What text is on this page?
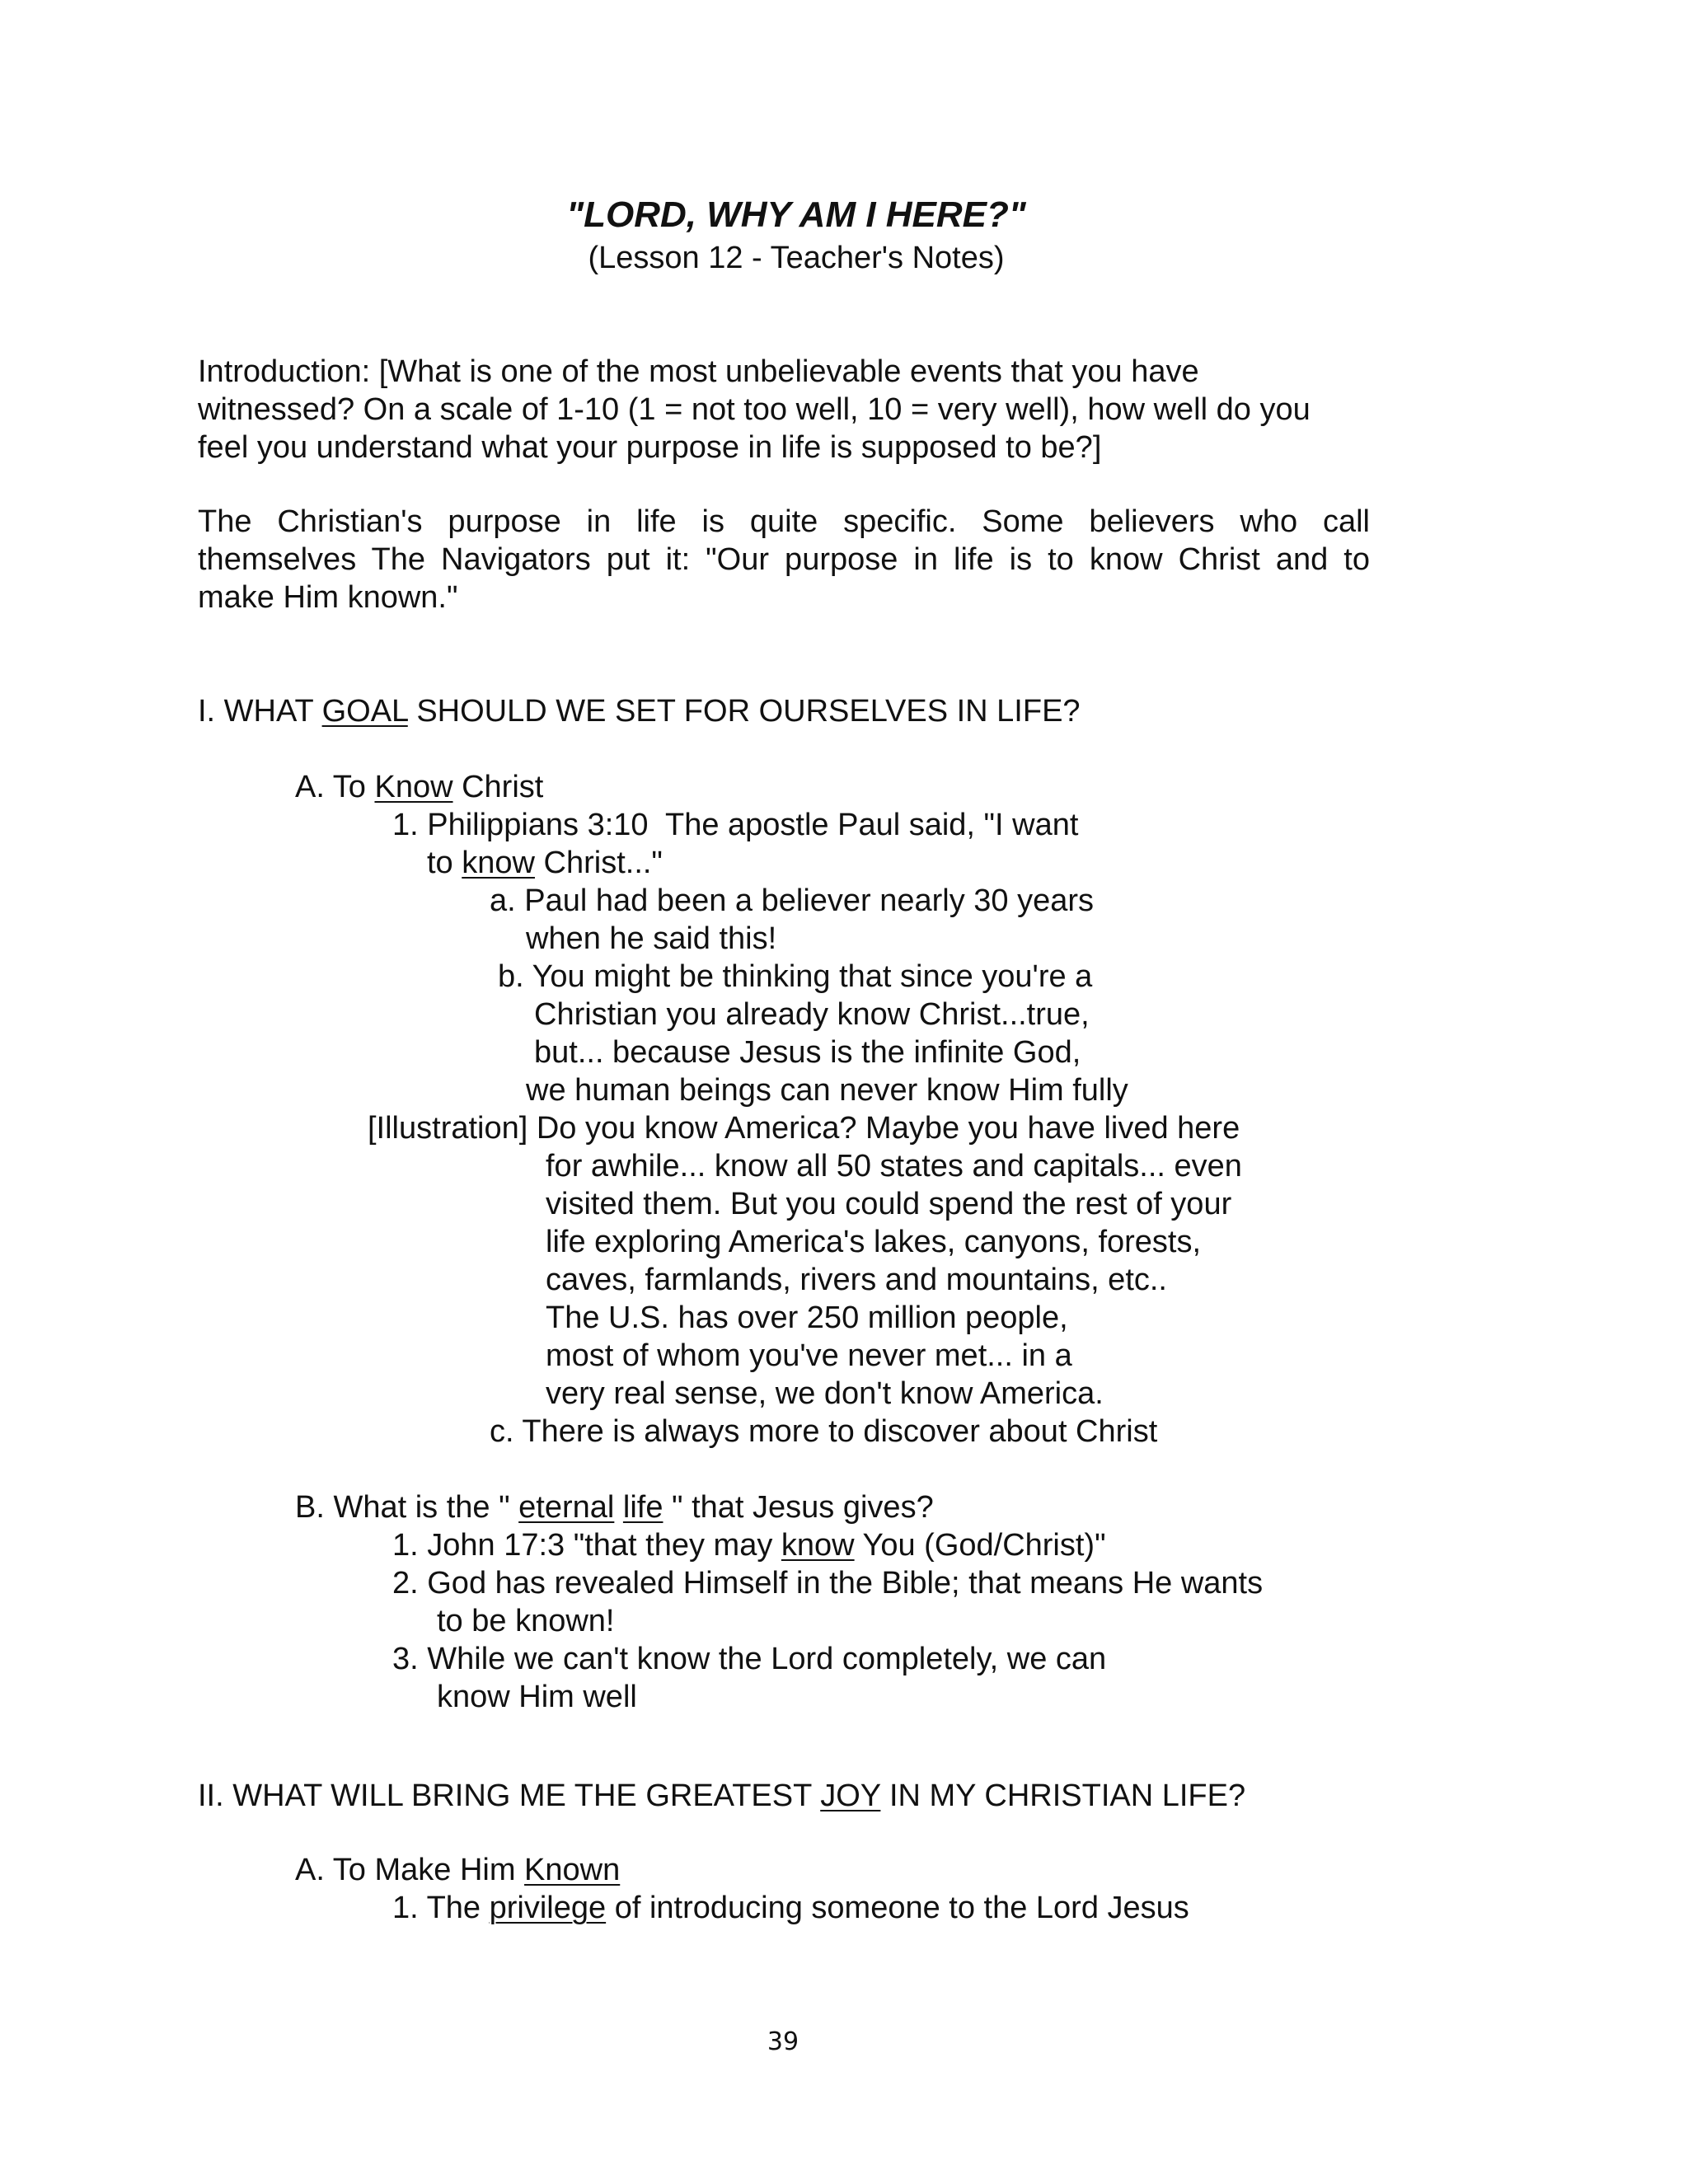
"LORD, WHY AM I HERE?"
(Lesson 12 - Teacher's Notes)
Introduction: [What is one of the most unbelievable events that you have
witnessed? On a scale of 1-10 (1 = not too well, 10 = very well), how well do you
feel you understand what your purpose in life is supposed to be?]
The Christian's purpose in life is quite specific. Some believers who call
themselves The Navigators put it: "Our purpose in life is to know Christ and to
make Him known."
I. WHAT GOAL SHOULD WE SET FOR OURSELVES IN LIFE?
A. To Know Christ
1. Philippians 3:10  The apostle Paul said, "I want
to know Christ..."
a. Paul had been a believer nearly 30 years
when he said this!
b. You might be thinking that since you're a
Christian you already know Christ...true,
but... because Jesus is the infinite God,
we human beings can never know Him fully
[Illustration] Do you know America? Maybe you have lived here
for awhile... know all 50 states and capitals... even
visited them. But you could spend the rest of your
life exploring America's lakes, canyons, forests,
caves, farmlands, rivers and mountains, etc..
The U.S. has over 250 million people,
most of whom you've never met... in a
very real sense, we don't know America.
c. There is always more to discover about Christ
B. What is the " eternal life " that Jesus gives?
1. John 17:3 "that they may know You (God/Christ)"
2. God has revealed Himself in the Bible; that means He wants
to be known!
3. While we can't know the Lord completely, we can
know Him well
II. WHAT WILL BRING ME THE GREATEST JOY IN MY CHRISTIAN LIFE?
A. To Make Him Known
1. The privilege of introducing someone to the Lord Jesus
39
